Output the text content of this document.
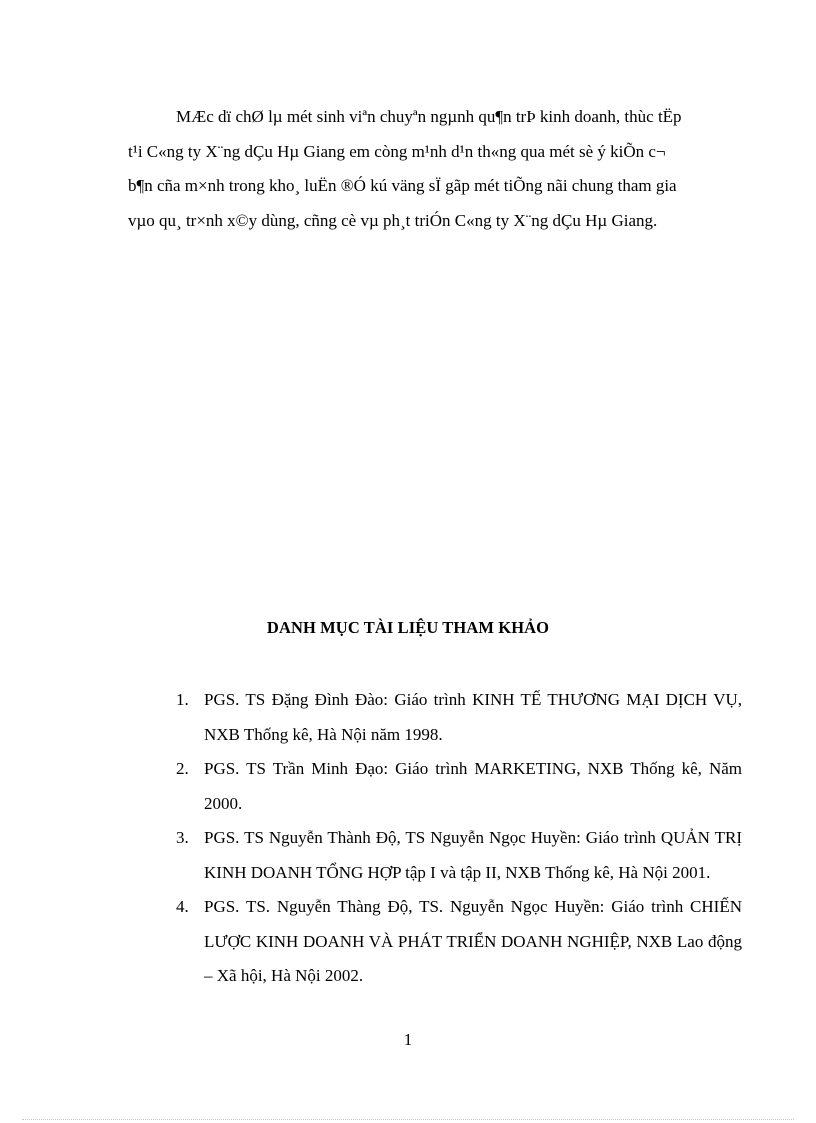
MÆc dï chØ lµ mét sinh viªn chuyªn ngµnh qu¶n trÞ kinh doanh, thùc tËp
t¹i C«ng ty X¨ng dÇu Hµ Giang em còng m¹nh d¹n th«ng qua mét sè ý kiÕn c¬
b¶n cña m×nh trong kho¸ luËn ®Ó kú väng sÏ gãp mét tiÕng nãi chung tham gia
vµo qu¸ tr×nh x©y dùng, cñng cè vµ ph¸t triÓn C«ng ty X¨ng dÇu Hµ Giang.
DANH MỤC TÀI LIỆU THAM KHẢO
1. PGS. TS Đặng Đình Đào: Giáo trình KINH TẾ THƯƠNG MẠI DỊCH VỤ, NXB Thống kê, Hà Nội năm 1998.
2. PGS. TS Trần Minh Đạo: Giáo trình MARKETING, NXB Thống kê, Năm 2000.
3. PGS. TS Nguyễn Thành Độ, TS Nguyễn Ngọc Huyền: Giáo trình QUẢN TRỊ KINH DOANH TỔNG HỢP tập I và tập II, NXB Thống kê, Hà Nội 2001.
4. PGS. TS. Nguyễn Thàng Độ, TS. Nguyễn Ngọc Huyền: Giáo trình CHIẾN LƯỢC KINH DOANH VÀ PHÁT TRIỂN DOANH NGHIỆP, NXB Lao động – Xã hội, Hà Nội 2002.
1
